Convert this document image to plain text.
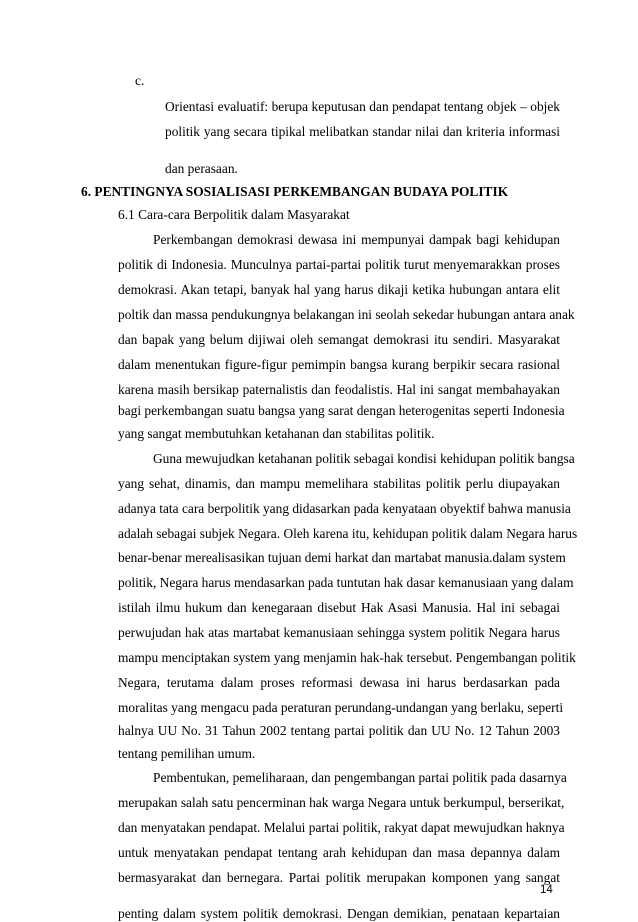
c.
Orientasi evaluatif: berupa keputusan dan pendapat tentang objek – objek
politik yang secara tipikal melibatkan standar nilai dan kriteria informasi
dan perasaan.
6. PENTINGNYA SOSIALISASI PERKEMBANGAN BUDAYA POLITIK
6.1 Cara-cara Berpolitik dalam Masyarakat
Perkembangan demokrasi dewasa ini mempunyai dampak bagi kehidupan
politik di Indonesia. Munculnya partai-partai politik turut menyemarakkan proses
demokrasi. Akan tetapi, banyak hal yang harus dikaji ketika hubungan antara elit
poltik dan massa pendukungnya belakangan ini seolah sekedar hubungan antara anak
dan bapak yang belum dijiwai oleh semangat demokrasi itu sendiri. Masyarakat
dalam menentukan figure-figur pemimpin bangsa kurang berpikir secara rasional
karena masih bersikap paternalistis dan feodalistis. Hal ini sangat membahayakan
bagi perkembangan suatu bangsa yang sarat dengan heterogenitas seperti Indonesia
yang sangat membutuhkan ketahanan dan stabilitas politik.
Guna mewujudkan ketahanan politik sebagai kondisi kehidupan politik bangsa
yang sehat, dinamis, dan mampu memelihara stabilitas politik perlu diupayakan
adanya tata cara berpolitik yang didasarkan pada kenyataan obyektif bahwa manusia
adalah sebagai subjek Negara. Oleh karena itu, kehidupan politik dalam Negara harus
benar-benar merealisasikan tujuan demi harkat dan martabat manusia.dalam system
politik, Negara harus mendasarkan pada tuntutan hak dasar kemanusiaan yang dalam
istilah ilmu hukum dan kenegaraan disebut Hak Asasi Manusia. Hal ini sebagai
perwujudan hak atas martabat kemanusiaan sehingga system politik Negara harus
mampu menciptakan system yang menjamin hak-hak tersebut. Pengembangan politik
Negara, terutama dalam proses reformasi dewasa ini harus berdasarkan pada
moralitas yang mengacu pada peraturan perundang-undangan yang berlaku, seperti
halnya UU No. 31 Tahun 2002 tentang partai politik dan UU No. 12 Tahun 2003
tentang pemilihan umum.
Pembentukan, pemeliharaan, dan pengembangan partai politik pada dasarnya
merupakan salah satu pencerminan hak warga Negara untuk berkumpul, berserikat,
dan menyatakan pendapat. Melalui partai politik, rakyat dapat mewujudkan haknya
untuk menyatakan pendapat tentang arah kehidupan dan masa depannya dalam
bermasyarakat dan bernegara. Partai politik merupakan komponen yang sangat
penting dalam system politik demokrasi. Dengan demikian, penataan kepartaian
14
